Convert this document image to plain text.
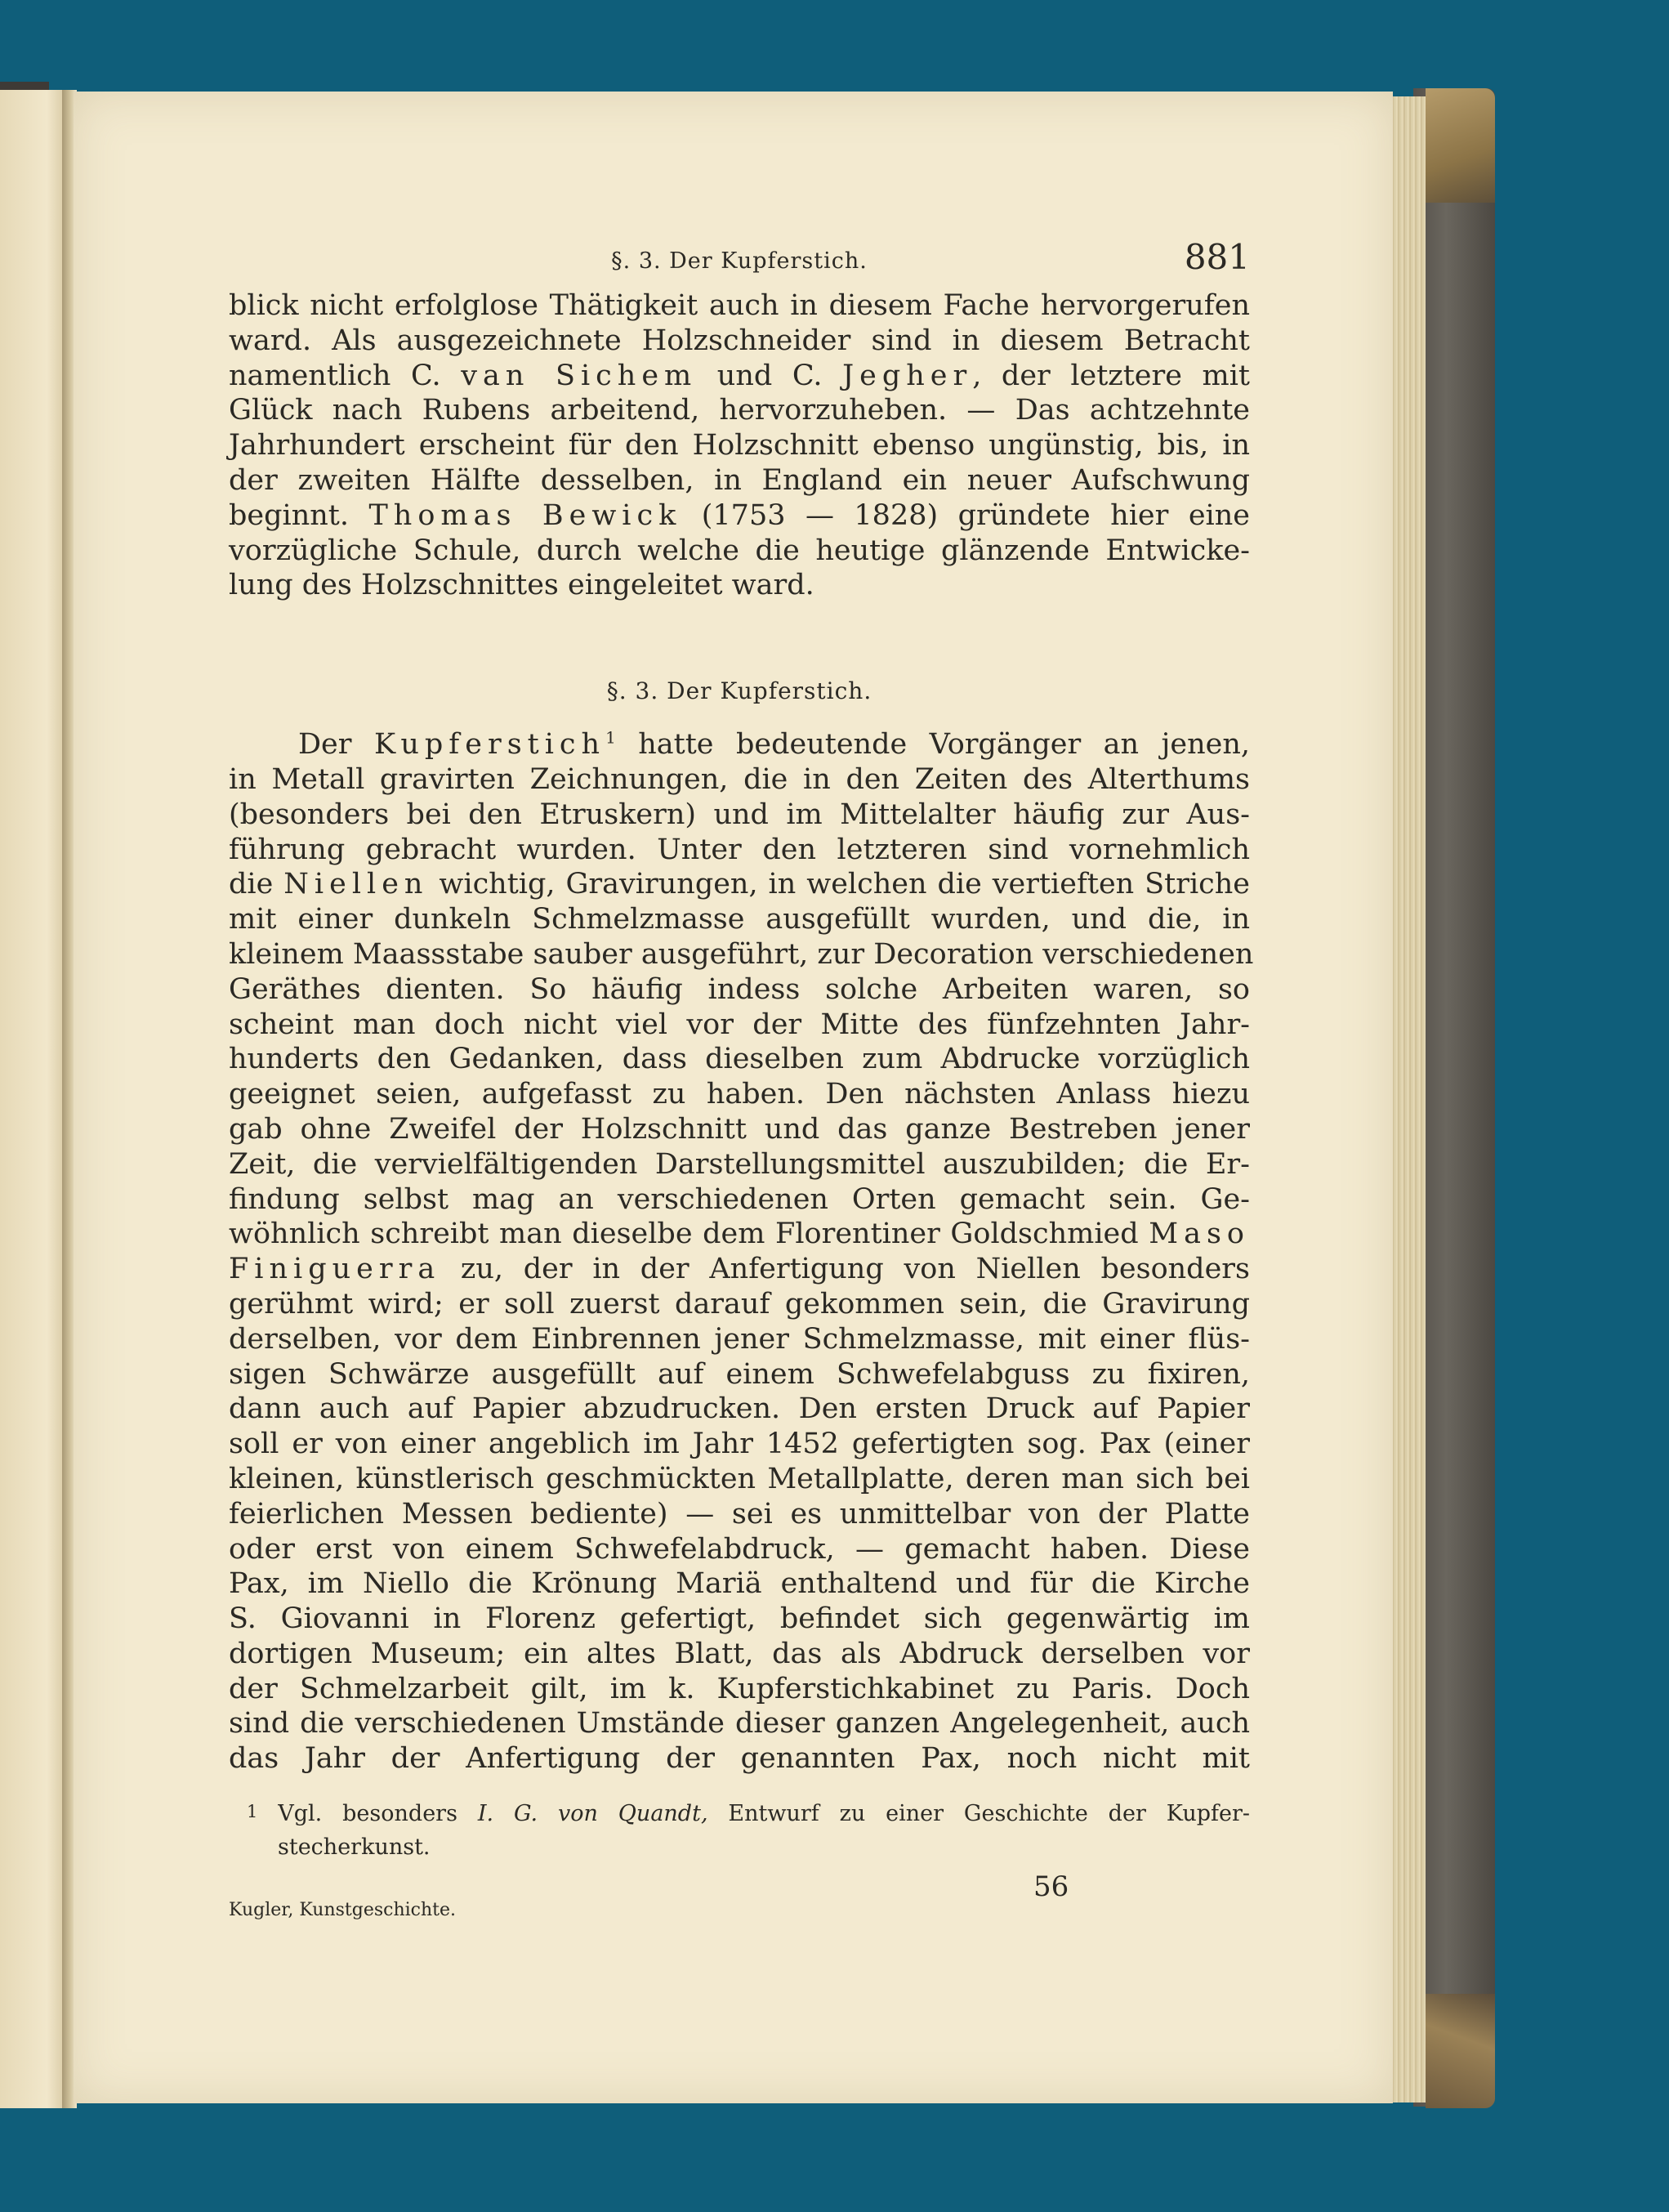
§. 3. Der Kupferstich.	881
blick nicht erfolglose Thätigkeit auch in diesem Fache hervorgerufen
ward. Als ausgezeichnete Holzschneider sind in diesem Betracht
namentlich C. van Sichem und C. Jegher, der letztere mit
Glück nach Rubens arbeitend, hervorzuheben. — Das achtzehnte
Jahrhundert erscheint für den Holzschnitt ebenso ungünstig, bis, in
der zweiten Hälfte desselben, in England ein neuer Aufschwung
beginnt. Thomas Bewick (1753 — 1828) gründete hier eine
vorzügliche Schule, durch welche die heutige glänzende Entwicke-
lung des Holzschnittes eingeleitet ward.
§. 3. Der Kupferstich.
Der Kupferstich$^1$ hatte bedeutende Vorgänger an jenen,
in Metall gravirten Zeichnungen, die in den Zeiten des Alterthums
(besonders bei den Etruskern) und im Mittelalter häufig zur Aus-
führung gebracht wurden. Unter den letzteren sind vornehmlich
die Niellen wichtig, Gravirungen, in welchen die vertieften Striche
mit einer dunkeln Schmelzmasse ausgefüllt wurden, und die, in
kleinem Maassstabe sauber ausgeführt, zur Decoration verschiedenen
Geräthes dienten. So häufig indess solche Arbeiten waren, so
scheint man doch nicht viel vor der Mitte des fünfzehnten Jahr-
hunderts den Gedanken, dass dieselben zum Abdrucke vorzüglich
geeignet seien, aufgefasst zu haben. Den nächsten Anlass hiezu
gab ohne Zweifel der Holzschnitt und das ganze Bestreben jener
Zeit, die vervielfältigenden Darstellungsmittel auszubilden; die Er-
findung selbst mag an verschiedenen Orten gemacht sein. Ge-
wöhnlich schreibt man dieselbe dem Florentiner Goldschmied Maso
Finiguerra zu, der in der Anfertigung von Niellen besonders
gerühmt wird; er soll zuerst darauf gekommen sein, die Gravirung
derselben, vor dem Einbrennen jener Schmelzmasse, mit einer flüs-
sigen Schwärze ausgefüllt auf einem Schwefelabguss zu fixiren,
dann auch auf Papier abzudrucken. Den ersten Druck auf Papier
soll er von einer angeblich im Jahr 1452 gefertigten sog. Pax (einer
kleinen, künstlerisch geschmückten Metallplatte, deren man sich bei
feierlichen Messen bediente) — sei es unmittelbar von der Platte
oder erst von einem Schwefelabdruck, — gemacht haben. Diese
Pax, im Niello die Krönung Mariä enthaltend und für die Kirche
S. Giovanni in Florenz gefertigt, befindet sich gegenwärtig im
dortigen Museum; ein altes Blatt, das als Abdruck derselben vor
der Schmelzarbeit gilt, im k. Kupferstichkabinet zu Paris. Doch
sind die verschiedenen Umstände dieser ganzen Angelegenheit, auch
das Jahr der Anfertigung der genannten Pax, noch nicht mit
1 Vgl. besonders I. G. von Quandt, Entwurf zu einer Geschichte der Kupfer-
stecherkunst.
Kugler, Kunstgeschichte.
56
